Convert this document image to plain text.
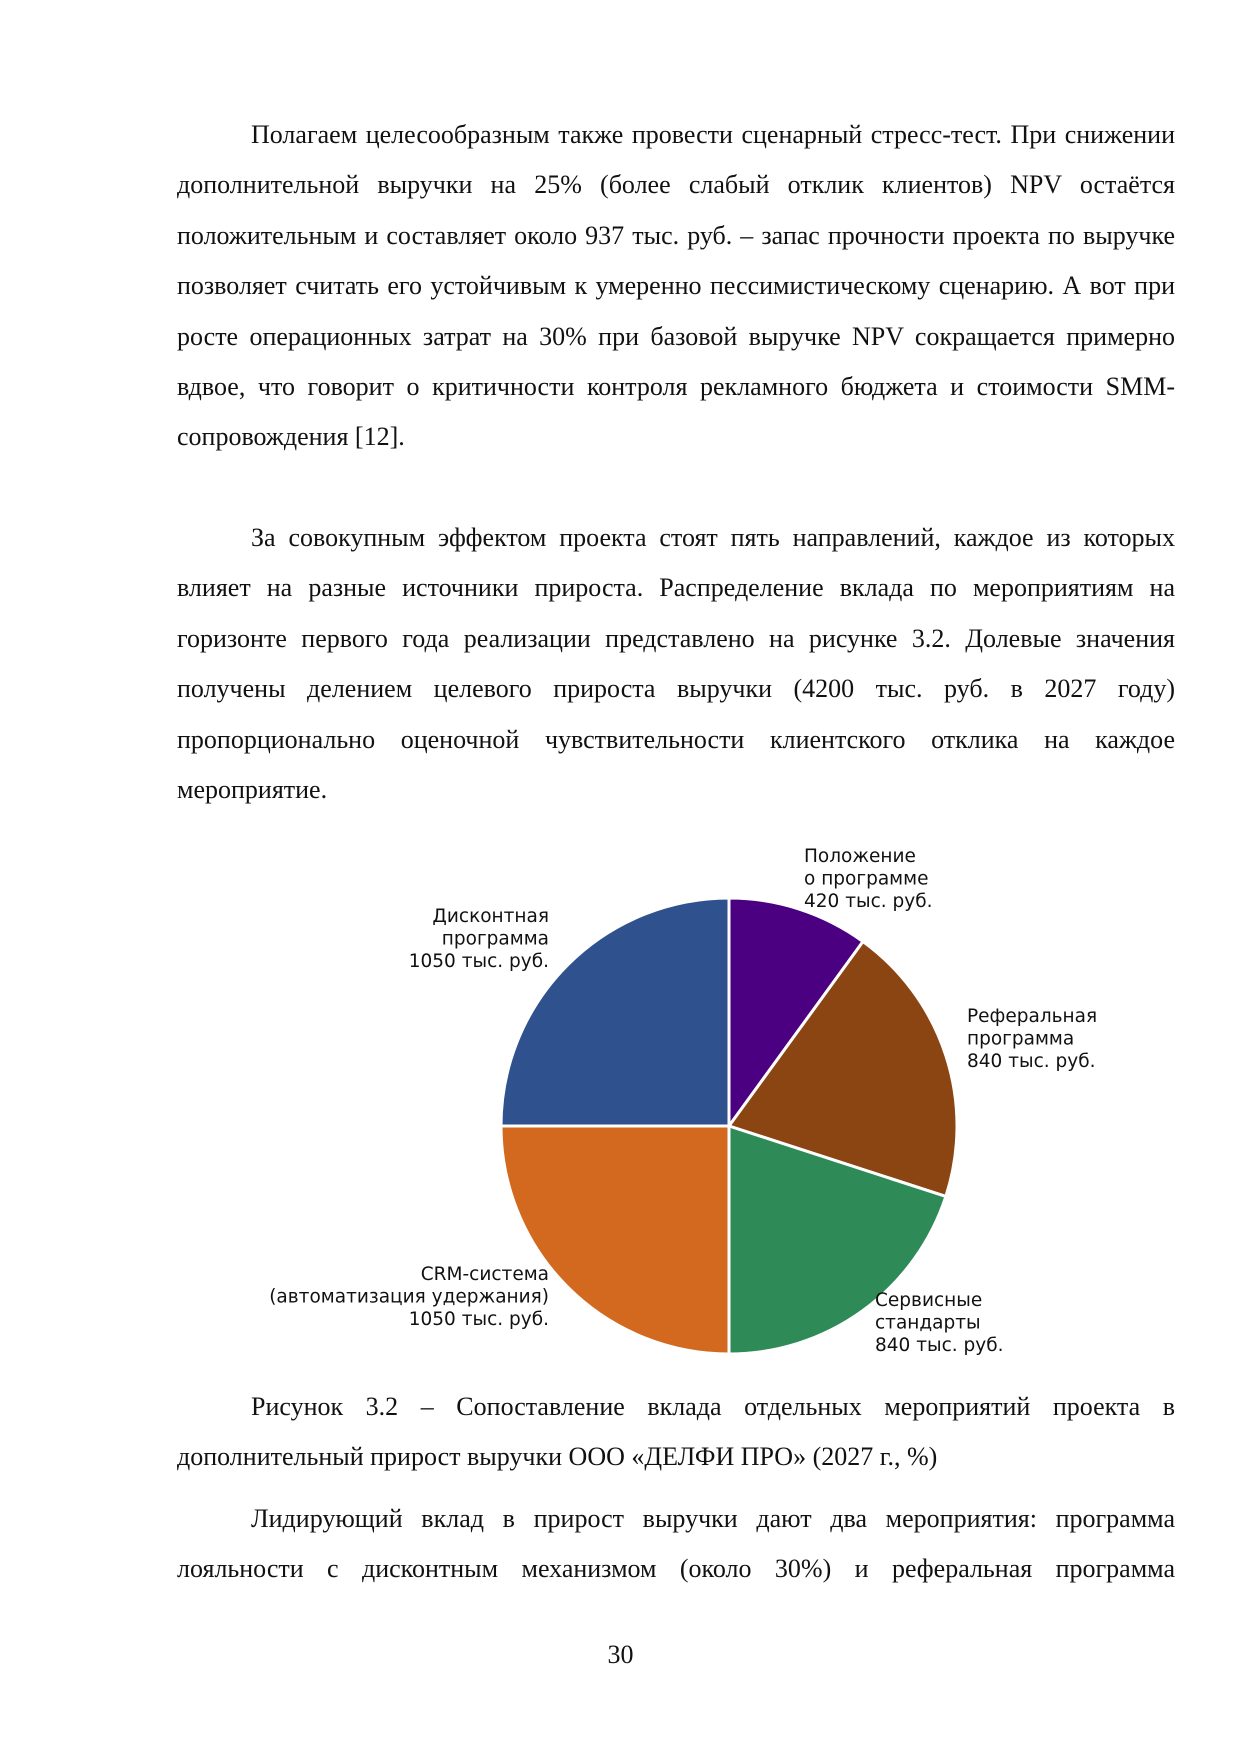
Полагаем целесообразным также провести сценарный стресс-тест. При снижении дополнительной выручки на 25% (более слабый отклик клиентов) NPV остаётся положительным и составляет около 937 тыс. руб. – запас прочности проекта по выручке позволяет считать его устойчивым к умеренно пессимистическому сценарию. А вот при росте операционных затрат на 30% при базовой выручке NPV сокращается примерно вдвое, что говорит о критичности контроля рекламного бюджета и стоимости SMM-сопровождения [12].

За совокупным эффектом проекта стоят пять направлений, каждое из которых влияет на разные источники прироста. Распределение вклада по мероприятиям на горизонте первого года реализации представлено на рисунке 3.2. Долевые значения получены делением целевого прироста выручки (4200 тыс. руб. в 2027 году) пропорционально оценочной чувствительности клиентского отклика на каждое мероприятие.

Положение о программе 420 тыс. руб.
Реферальная программа 840 тыс. руб.
Сервисные стандарты 840 тыс. руб.
CRM-система (автоматизация удержания) 1050 тыс. руб.
Дисконтная программа 1050 тыс. руб.

Рисунок 3.2 – Сопоставление вклада отдельных мероприятий проекта в дополнительный прирост выручки ООО «ДЕЛФИ ПРО» (2027 г., %)

Лидирующий вклад в прирост выручки дают два мероприятия: программа лояльности с дисконтным механизмом (около 30%) и реферальная программа

30
